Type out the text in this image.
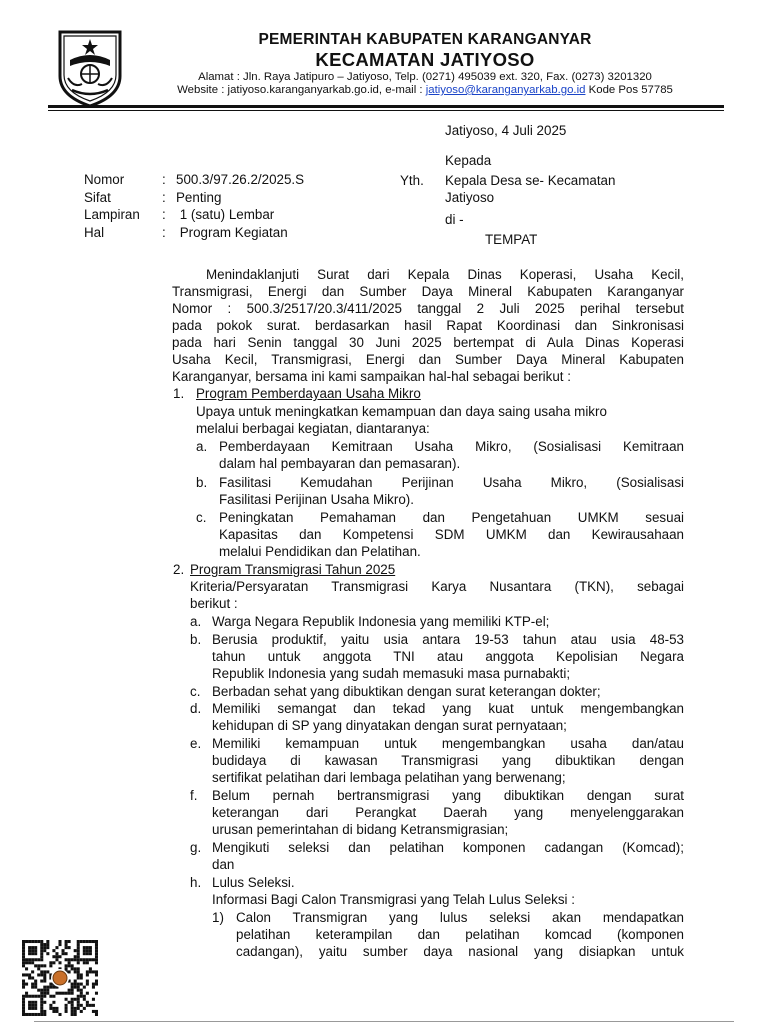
PEMERINTAH KABUPATEN KARANGANYAR
KECAMATAN JATIYOSO
Alamat : Jln. Raya Jatipuro – Jatiyoso, Telp. (0271) 495039 ext. 320, Fax. (0273) 3201320
Website : jatiyoso.karanganyarkab.go.id, e-mail : jatiyoso@karanganyarkab.go.id Kode Pos 57785
Jatiyoso, 4 Juli 2025
Kepada
Yth. Kepala Desa se- Kecamatan
Jatiyoso
di -
TEMPAT
Nomor	:	500.3/97.26.2/2025.S
Sifat	:	Penting
Lampiran	:	1 (satu) Lembar
Hal	:	Program Kegiatan
Menindaklanjuti Surat dari Kepala Dinas Koperasi, Usaha Kecil,
Transmigrasi, Energi dan Sumber Daya Mineral Kabupaten Karanganyar
Nomor : 500.3/2517/20.3/411/2025 tanggal 2 Juli 2025 perihal tersebut
pada pokok surat. berdasarkan hasil Rapat Koordinasi dan Sinkronisasi
pada hari Senin tanggal 30 Juni 2025 bertempat di Aula Dinas Koperasi
Usaha Kecil, Transmigrasi, Energi dan Sumber Daya Mineral Kabupaten
Karanganyar, bersama ini kami sampaikan hal-hal sebagai berikut :
1. Program Pemberdayaan Usaha Mikro
Upaya untuk meningkatkan kemampuan dan daya saing usaha mikro
melalui berbagai kegiatan, diantaranya:
a. Pemberdayaan Kemitraan Usaha Mikro, (Sosialisasi Kemitraan
dalam hal pembayaran dan pemasaran).
b. Fasilitasi Kemudahan Perijinan Usaha Mikro, (Sosialisasi
Fasilitasi Perijinan Usaha Mikro).
c. Peningkatan Pemahaman dan Pengetahuan UMKM sesuai
Kapasitas dan Kompetensi SDM UMKM dan Kewirausahaan
melalui Pendidikan dan Pelatihan.
2. Program Transmigrasi Tahun 2025
Kriteria/Persyaratan Transmigrasi Karya Nusantara (TKN), sebagai
berikut :
a. Warga Negara Republik Indonesia yang memiliki KTP-el;
b. Berusia produktif, yaitu usia antara 19-53 tahun atau usia 48-53
tahun untuk anggota TNI atau anggota Kepolisian Negara
Republik Indonesia yang sudah memasuki masa purnabakti;
c. Berbadan sehat yang dibuktikan dengan surat keterangan dokter;
d. Memiliki semangat dan tekad yang kuat untuk mengembangkan
kehidupan di SP yang dinyatakan dengan surat pernyataan;
e. Memiliki kemampuan untuk mengembangkan usaha dan/atau
budidaya di kawasan Transmigrasi yang dibuktikan dengan
sertifikat pelatihan dari lembaga pelatihan yang berwenang;
f. Belum pernah bertransmigrasi yang dibuktikan dengan surat
keterangan dari Perangkat Daerah yang menyelenggarakan
urusan pemerintahan di bidang Ketransmigrasian;
g. Mengikuti seleksi dan pelatihan komponen cadangan (Komcad);
dan
h. Lulus Seleksi.
Informasi Bagi Calon Transmigrasi yang Telah Lulus Seleksi :
1) Calon Transmigran yang lulus seleksi akan mendapatkan
pelatihan keterampilan dan pelatihan komcad (komponen
cadangan), yaitu sumber daya nasional yang disiapkan untuk
